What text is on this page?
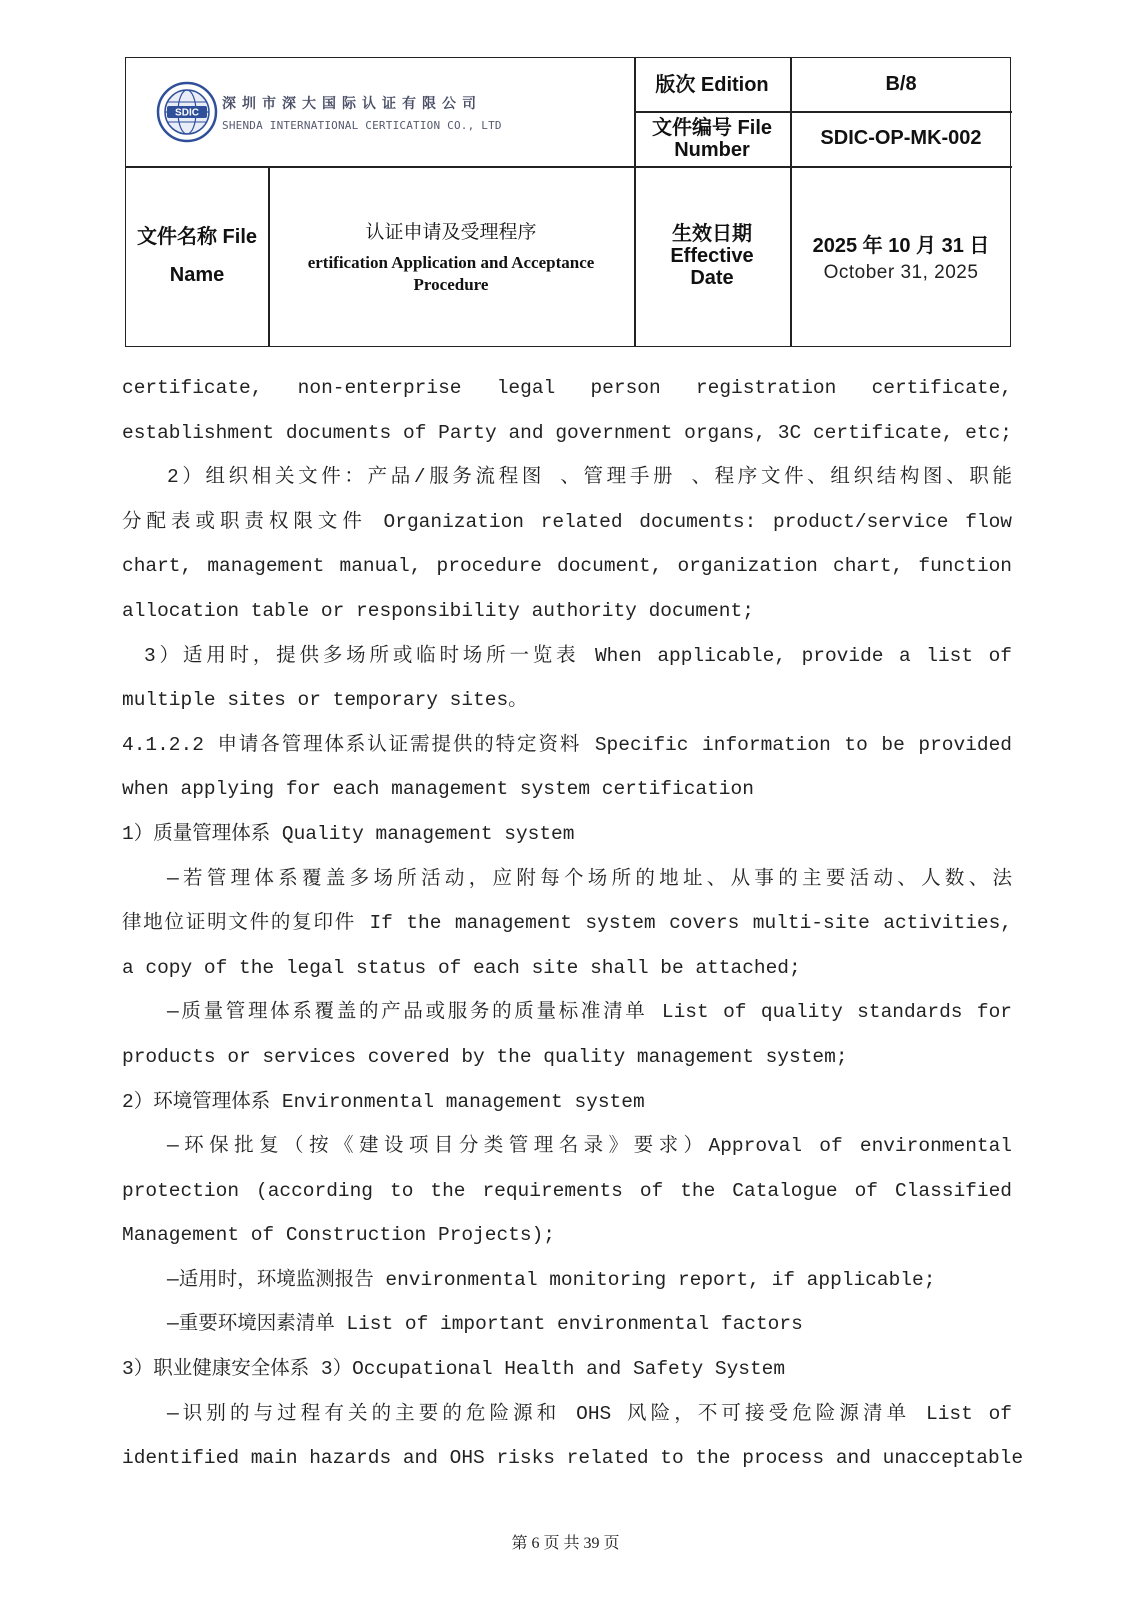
SDIC
深圳市深大国际认证有限公司
SHENDA INTERNATIONAL CERTICATION CO., LTD
版次 Edition	B/8
文件编号 File
Number
SDIC-OP-MK-002
文件名称 File
Name
认证申请及受理程序
ertification Application and Acceptance
Procedure
生效日期
Effective
Date
2025 年 10 月 31 日
October 31, 2025
certificate, non-enterprise legal person registration certificate,
establishment documents of Party and government organs, 3C certificate, etc;
2）组织相关文件：产品/服务流程图 、管理手册 、程序文件、组织结构图、职能
分配表或职责权限文件 Organization related documents: product/service flow
chart, management manual, procedure document, organization chart, function
allocation table or responsibility authority document;
3）适用时，提供多场所或临时场所一览表 When applicable, provide a list of
multiple sites or temporary sites。
4.1.2.2 申请各管理体系认证需提供的特定资料 Specific information to be provided
when applying for each management system certification
1）质量管理体系 Quality management system
—若管理体系覆盖多场所活动，应附每个场所的地址、从事的主要活动、人数、法
律地位证明文件的复印件 If the management system covers multi-site activities,
a copy of the legal status of each site shall be attached;
—质量管理体系覆盖的产品或服务的质量标准清单 List of quality standards for
products or services covered by the quality management system;
2）环境管理体系 Environmental management system
—环保批复（按《建设项目分类管理名录》要求）Approval of environmental
protection (according to the requirements of the Catalogue of Classified
Management of Construction Projects);
—适用时，环境监测报告 environmental monitoring report, if applicable;
—重要环境因素清单 List of important environmental factors
3）职业健康安全体系 3）Occupational Health and Safety System
—识别的与过程有关的主要的危险源和 OHS 风险，不可接受危险源清单 List of
identified main hazards and OHS risks related to the process and unacceptable
第 6 页 共 39 页
